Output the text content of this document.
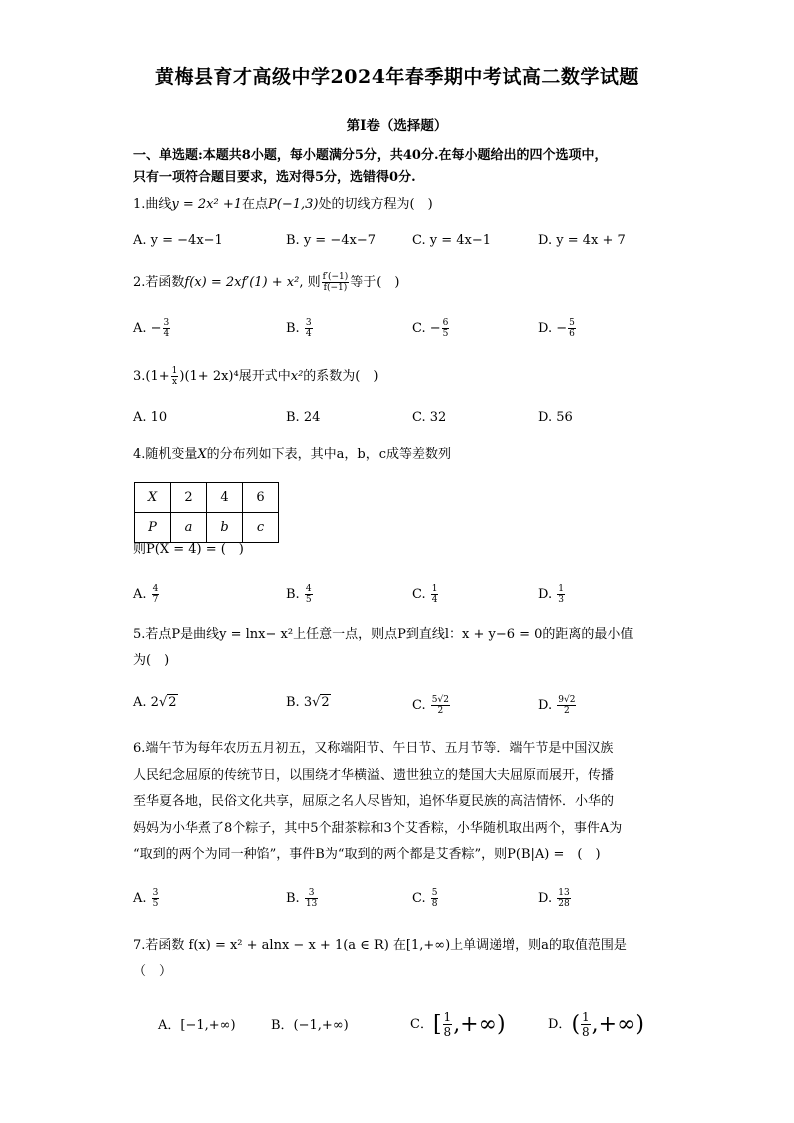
黄梅县育才高级中学2024年春季期中考试高二数学试题
第Ⅰ卷（选择题）
一、单选题:本题共8小题，每小题满分5分，共40分.在每小题给出的四个选项中，
只有一项符合题目要求，选对得5分，选错得0分.
1.曲线y = 2x² +1在点P(−1,3)处的切线方程为(　)
A. y = −4x−1	B. y = −4x−7	C. y = 4x−1	D. y = 4x + 7
2.若函数f(x) = 2xf′(1) + x², 则 $\frac{f'(-1)}{f(-1)}$ 等于(　)
A. − $\frac{3}{4}$	B. $\frac{3}{4}$	C. − $\frac{6}{5}$	D. − $\frac{5}{6}$
$3.(1+ \frac{1}{x} )(1+ 2x)^4$展开式中x²的系数为(　)
A. 10	B. 24	C. 32	D. 56
4.随机变量X的分布列如下表，其中a，b，c成等差数列
X	2	4	6
P	a	b	c
则P(X = 4) = (　)
A. $\frac{4}{7}$	B. $\frac{4}{5}$	C. $\frac{1}{4}$	D. $\frac{1}{3}$
5.若点P是曲线y = lnx− x²上任意一点，则点P到直线l：x + y−6 = 0的距离的最小值
为(　)
A. 2√2	B. 3√2	C. $\frac{5√2}{2}$	D. $\frac{9√2}{2}$
6.端午节为每年农历五月初五，又称端阳节、午日节、五月节等．端午节是中国汉族
人民纪念屈原的传统节日，以围绕才华横溢、遗世独立的楚国大夫屈原而展开，传播
至华夏各地，民俗文化共享，屈原之名人尽皆知，追怀华夏民族的高洁情怀．小华的
妈妈为小华煮了8个粽子，其中5个甜茶粽和3个艾香粽，小华随机取出两个，事件A为
“取到的两个为同一种馅”，事件B为“取到的两个都是艾香粽”，则P(B|A) =　(　)
A. $\frac{3}{5}$	B. $\frac{3}{13}$	C. $\frac{5}{8}$	D. $\frac{13}{28}$
7.若函数 f(x) = x² + alnx − x + 1(a ∈ R) 在[1,+∞)上单调递增，则a的取值范围是
（　）
A．[−1,+∞)	B．(−1,+∞)	C．[ $\frac{1}{8}$ ,+∞)	D．( $\frac{1}{8}$ ,+∞)
